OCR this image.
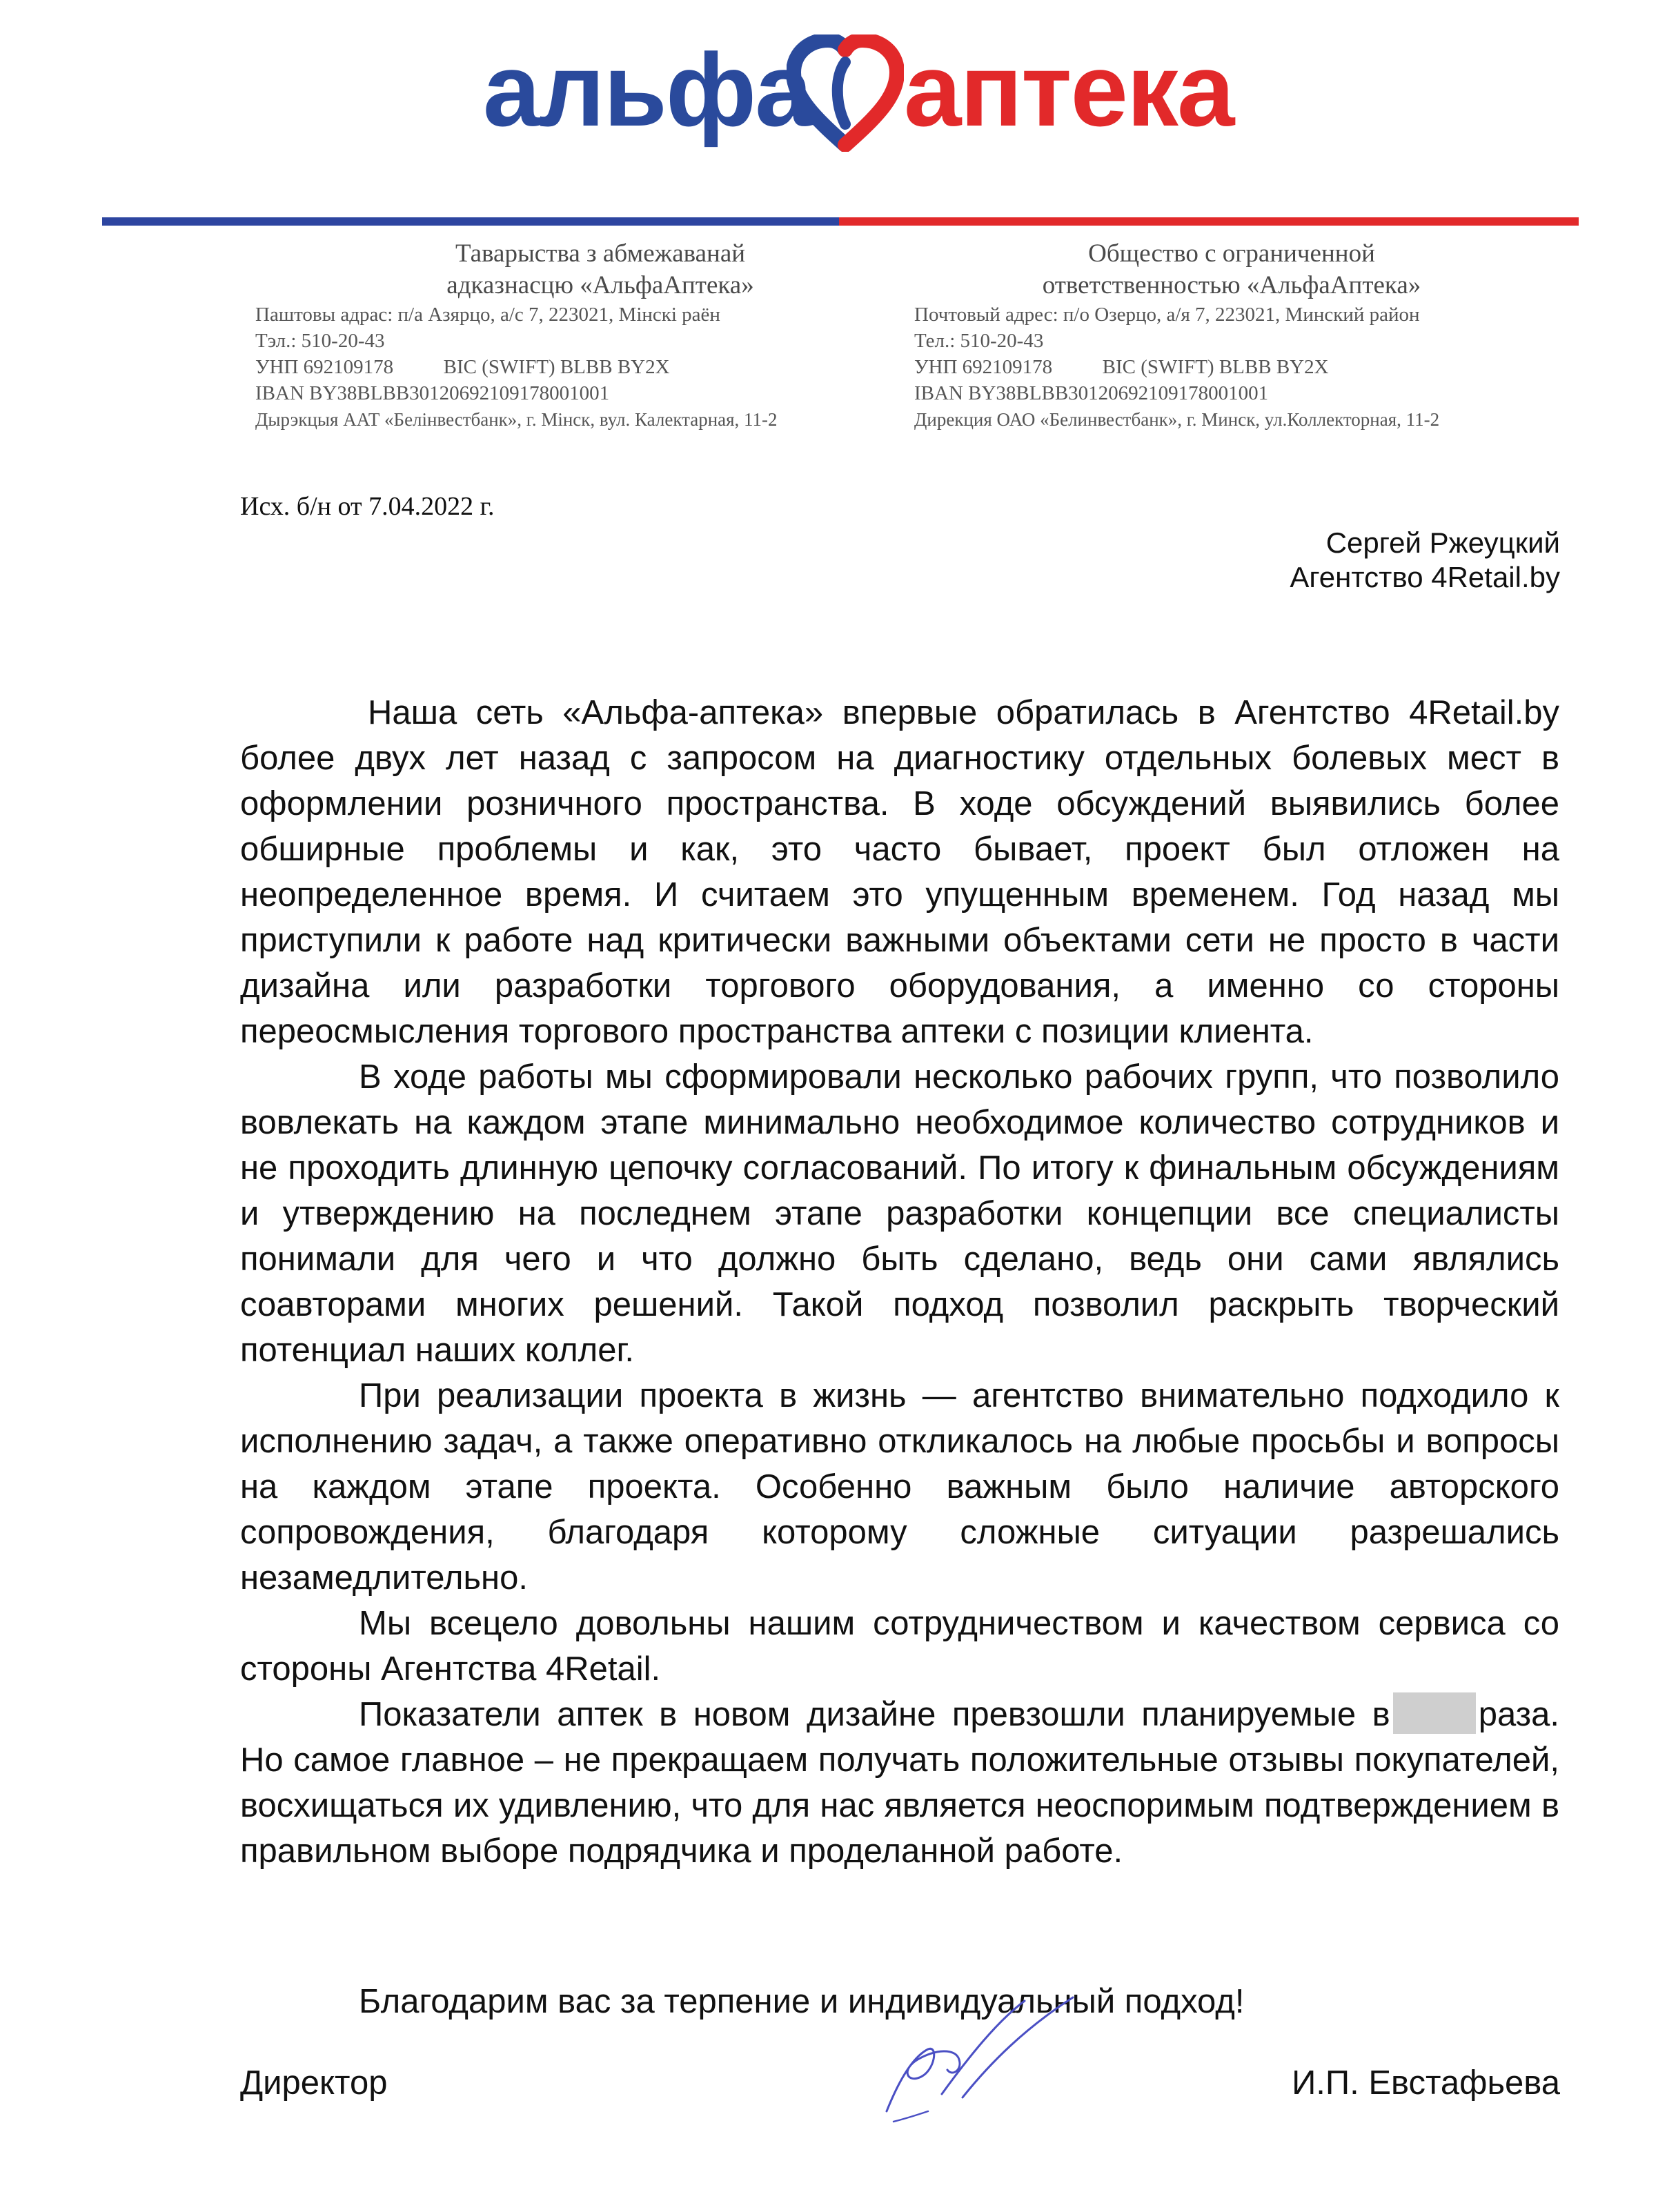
альфа аптека
Таварыства з абмежаванай
адказнасцю «АльфаАптека»
Паштовы адрас: п/а Азярцо, а/с 7, 223021, Мінскі раён
Тэл.: 510-20-43
УНП 692109178          BIC (SWIFT) BLBB BY2X
IBAN BY38BLBB30120692109178001001
Дырэкцыя ААТ «Белінвестбанк», г. Мінск, вул. Калектарная, 11-2
Общество с ограниченной
ответственностью «АльфаАптека»
Почтовый адрес: п/о Озерцо, а/я 7, 223021, Минский район
Тел.: 510-20-43
УНП 692109178          BIC (SWIFT) BLBB BY2X
IBAN BY38BLBB30120692109178001001
Дирекция ОАО «Белинвестбанк», г. Минск, ул.Коллекторная, 11-2
Исх. б/н от 7.04.2022 г.
Сергей Ржеуцкий
Агентство 4Retail.by

Наша сеть «Альфа-аптека» впервые обратилась в Агентство 4Retail.by более двух лет назад с запросом на диагностику отдельных болевых мест в оформлении розничного пространства. В ходе обсуждений выявились более обширные проблемы и как, это часто бывает, проект был отложен на неопределенное время. И считаем это упущенным временем. Год назад мы приступили к работе над критически важными объектами сети не просто в части дизайна или разработки торгового оборудования, а именно со стороны переосмысления торгового пространства аптеки с позиции клиента.

В ходе работы мы сформировали несколько рабочих групп, что позволило вовлекать на каждом этапе минимально необходимое количество сотрудников и не проходить длинную цепочку согласований. По итогу к финальным обсуждениям и утверждению на последнем этапе разработки концепции все специалисты понимали для чего и что должно быть сделано, ведь они сами являлись соавторами многих решений. Такой подход позволил раскрыть творческий потенциал наших коллег.

При реализации проекта в жизнь — агентство внимательно подходило к исполнению задач, а также оперативно откликалось на любые просьбы и вопросы на каждом этапе проекта. Особенно важным было наличие авторского сопровождения, благодаря которому сложные ситуации разрешались незамедлительно.

Мы всецело довольны нашим сотрудничеством и качеством сервиса со стороны Агентства 4Retail.

Показатели аптек в новом дизайне превзошли планируемые в	раза. Но самое главное – не прекращаем получать положительные отзывы покупателей, восхищаться их удивлению, что для нас является неоспоримым подтверждением в правильном выборе подрядчика и проделанной работе.

Благодарим вас за терпение и индивидуальный подход!
Директор	И.П. Евстафьева
